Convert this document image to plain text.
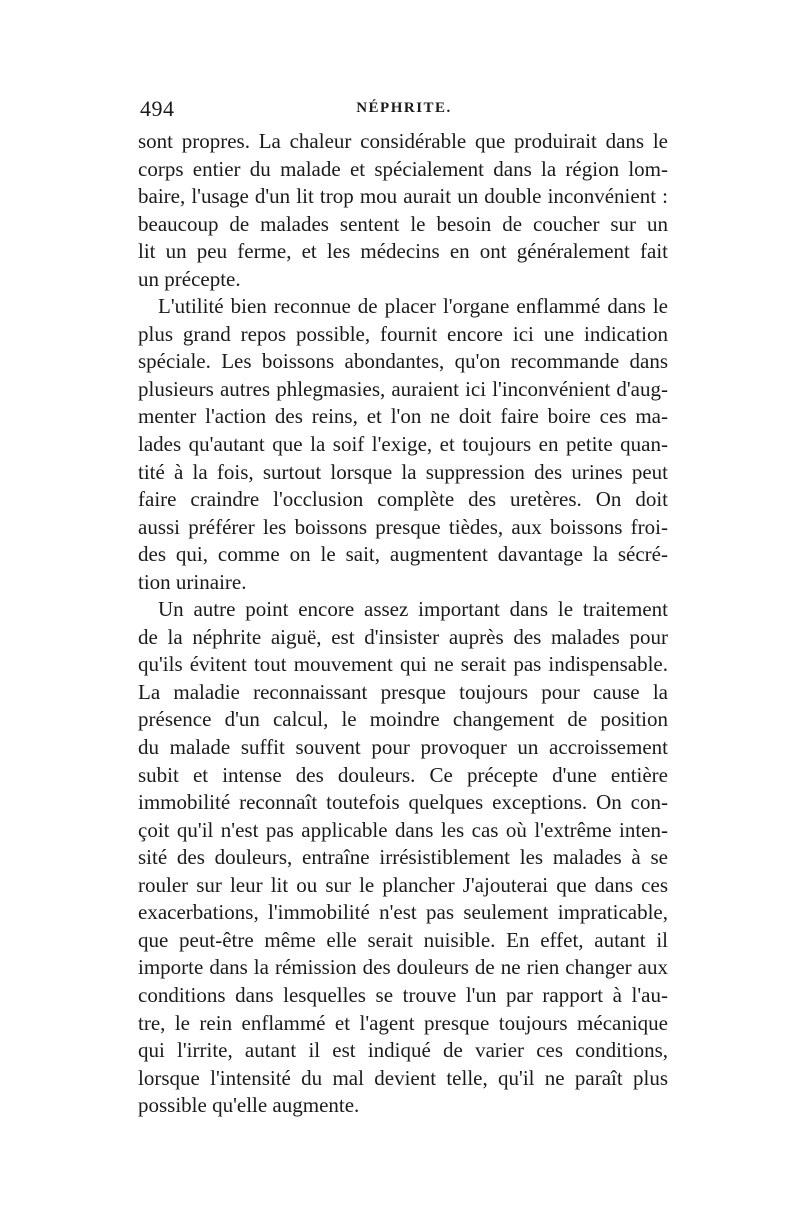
494	NÉPHRITE.
sont propres. La chaleur considérable que produirait dans le
corps entier du malade et spécialement dans la région lom-
baire, l'usage d'un lit trop mou aurait un double inconvénient :
beaucoup de malades sentent le besoin de coucher sur un
lit un peu ferme, et les médecins en ont généralement fait
un précepte.
L'utilité bien reconnue de placer l'organe enflammé dans le
plus grand repos possible, fournit encore ici une indication
spéciale. Les boissons abondantes, qu'on recommande dans
plusieurs autres phlegmasies, auraient ici l'inconvénient d'aug-
menter l'action des reins, et l'on ne doit faire boire ces ma-
lades qu'autant que la soif l'exige, et toujours en petite quan-
tité à la fois, surtout lorsque la suppression des urines peut
faire craindre l'occlusion complète des uretères. On doit
aussi préférer les boissons presque tièdes, aux boissons froi-
des qui, comme on le sait, augmentent davantage la sécré-
tion urinaire.
Un autre point encore assez important dans le traitement
de la néphrite aiguë, est d'insister auprès des malades pour
qu'ils évitent tout mouvement qui ne serait pas indispensable.
La maladie reconnaissant presque toujours pour cause la
présence d'un calcul, le moindre changement de position
du malade suffit souvent pour provoquer un accroissement
subit et intense des douleurs. Ce précepte d'une entière
immobilité reconnaît toutefois quelques exceptions. On con-
çoit qu'il n'est pas applicable dans les cas où l'extrême inten-
sité des douleurs, entraîne irrésistiblement les malades à se
rouler sur leur lit ou sur le plancher J'ajouterai que dans ces
exacerbations, l'immobilité n'est pas seulement impraticable,
que peut-être même elle serait nuisible. En effet, autant il
importe dans la rémission des douleurs de ne rien changer aux
conditions dans lesquelles se trouve l'un par rapport à l'au-
tre, le rein enflammé et l'agent presque toujours mécanique
qui l'irrite, autant il est indiqué de varier ces conditions,
lorsque l'intensité du mal devient telle, qu'il ne paraît plus
possible qu'elle augmente.
